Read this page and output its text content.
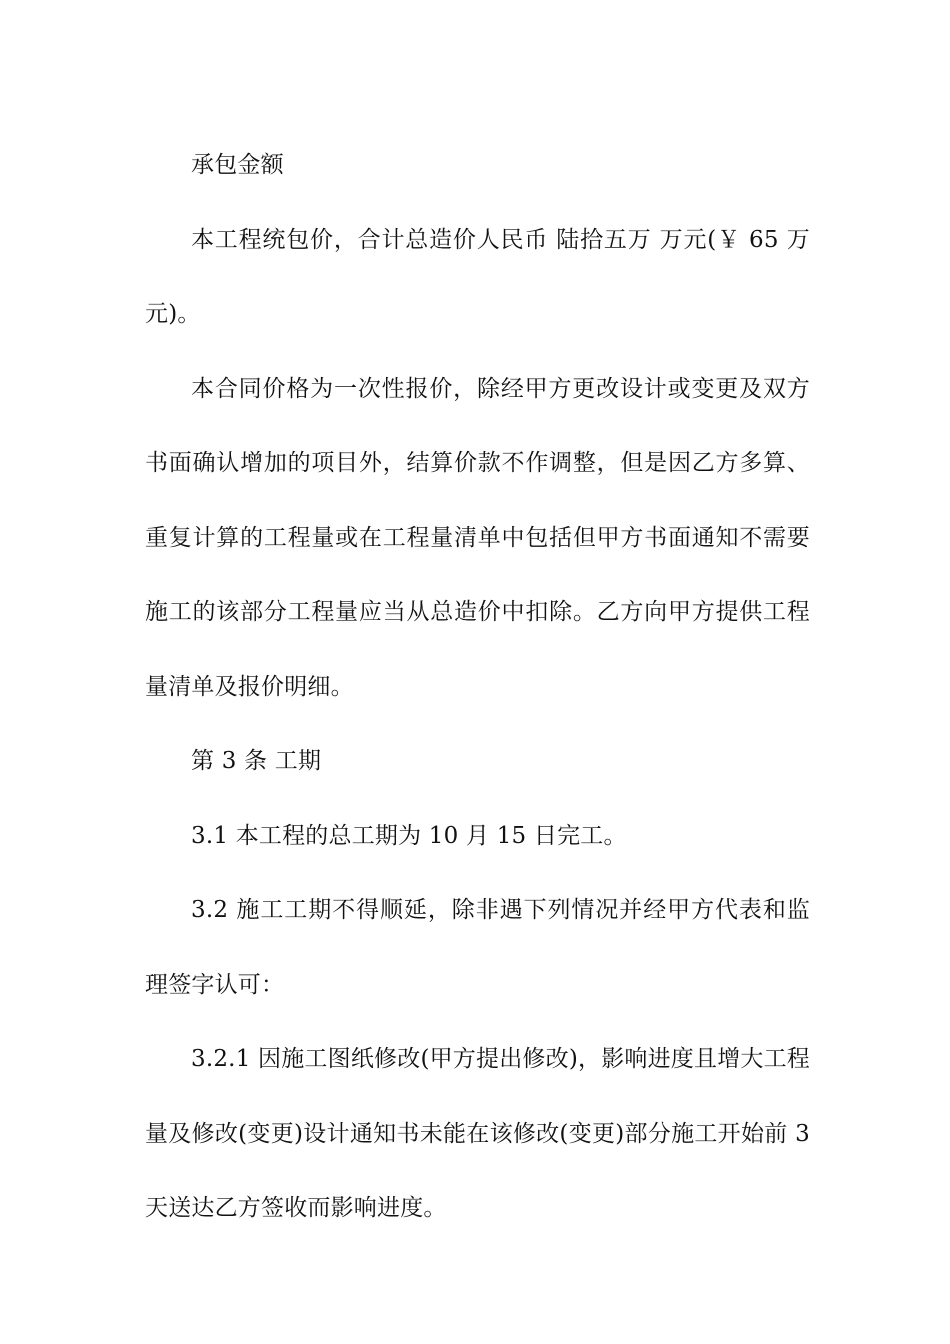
承包金额

本工程统包价，合计总造价人民币 陆拾五万 万元(￥ 65 万元)。

本合同价格为一次性报价，除经甲方更改设计或变更及双方书面确认增加的项目外，结算价款不作调整，但是因乙方多算、重复计算的工程量或在工程量清单中包括但甲方书面通知不需要施工的该部分工程量应当从总造价中扣除。乙方向甲方提供工程量清单及报价明细。

第 3 条 工期

3.1 本工程的总工期为 10 月 15 日完工。

3.2 施工工期不得顺延，除非遇下列情况并经甲方代表和监理签字认可：

3.2.1 因施工图纸修改(甲方提出修改)，影响进度且增大工程量及修改(变更)设计通知书未能在该修改(变更)部分施工开始前 3 天送达乙方签收而影响进度。
